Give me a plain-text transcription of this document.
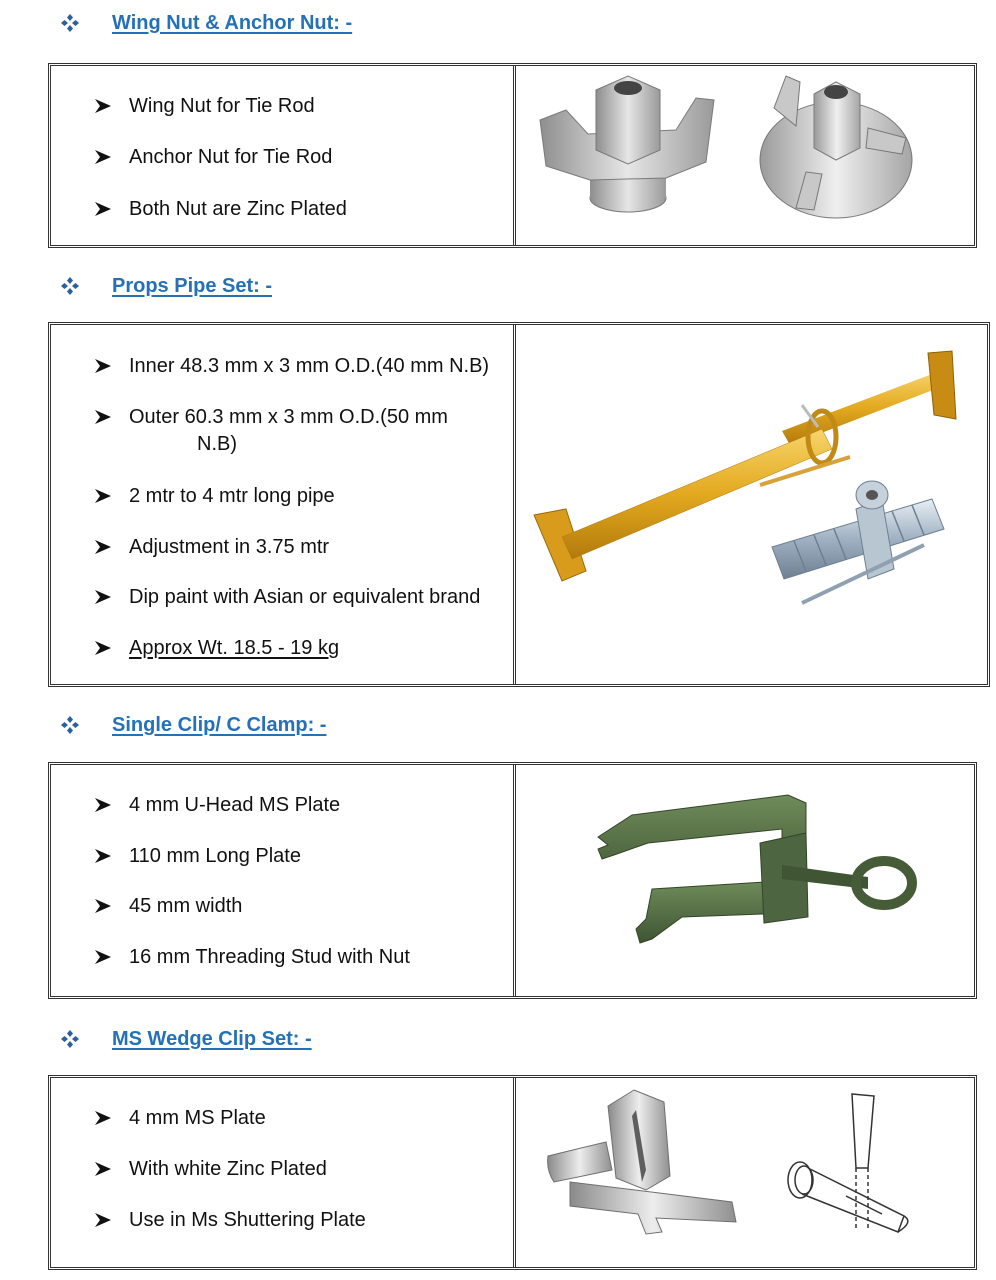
Wing Nut & Anchor Nut: -
Wing Nut for Tie Rod
Anchor Nut for Tie Rod
Both Nut are Zinc Plated
Props Pipe Set: -
Inner 48.3 mm x 3 mm O.D.(40 mm N.B)
Outer 60.3 mm x 3 mm O.D.(50 mm
N.B)
2 mtr to 4 mtr long pipe
Adjustment in 3.75 mtr
Dip paint with Asian or equivalent brand
Approx Wt. 18.5 - 19 kg
Single Clip/ C Clamp: -
4 mm U-Head MS Plate
110 mm Long Plate
45 mm width
16 mm Threading Stud with Nut
MS Wedge Clip Set: -
4 mm MS Plate
With white Zinc Plated
Use in Ms Shuttering Plate
